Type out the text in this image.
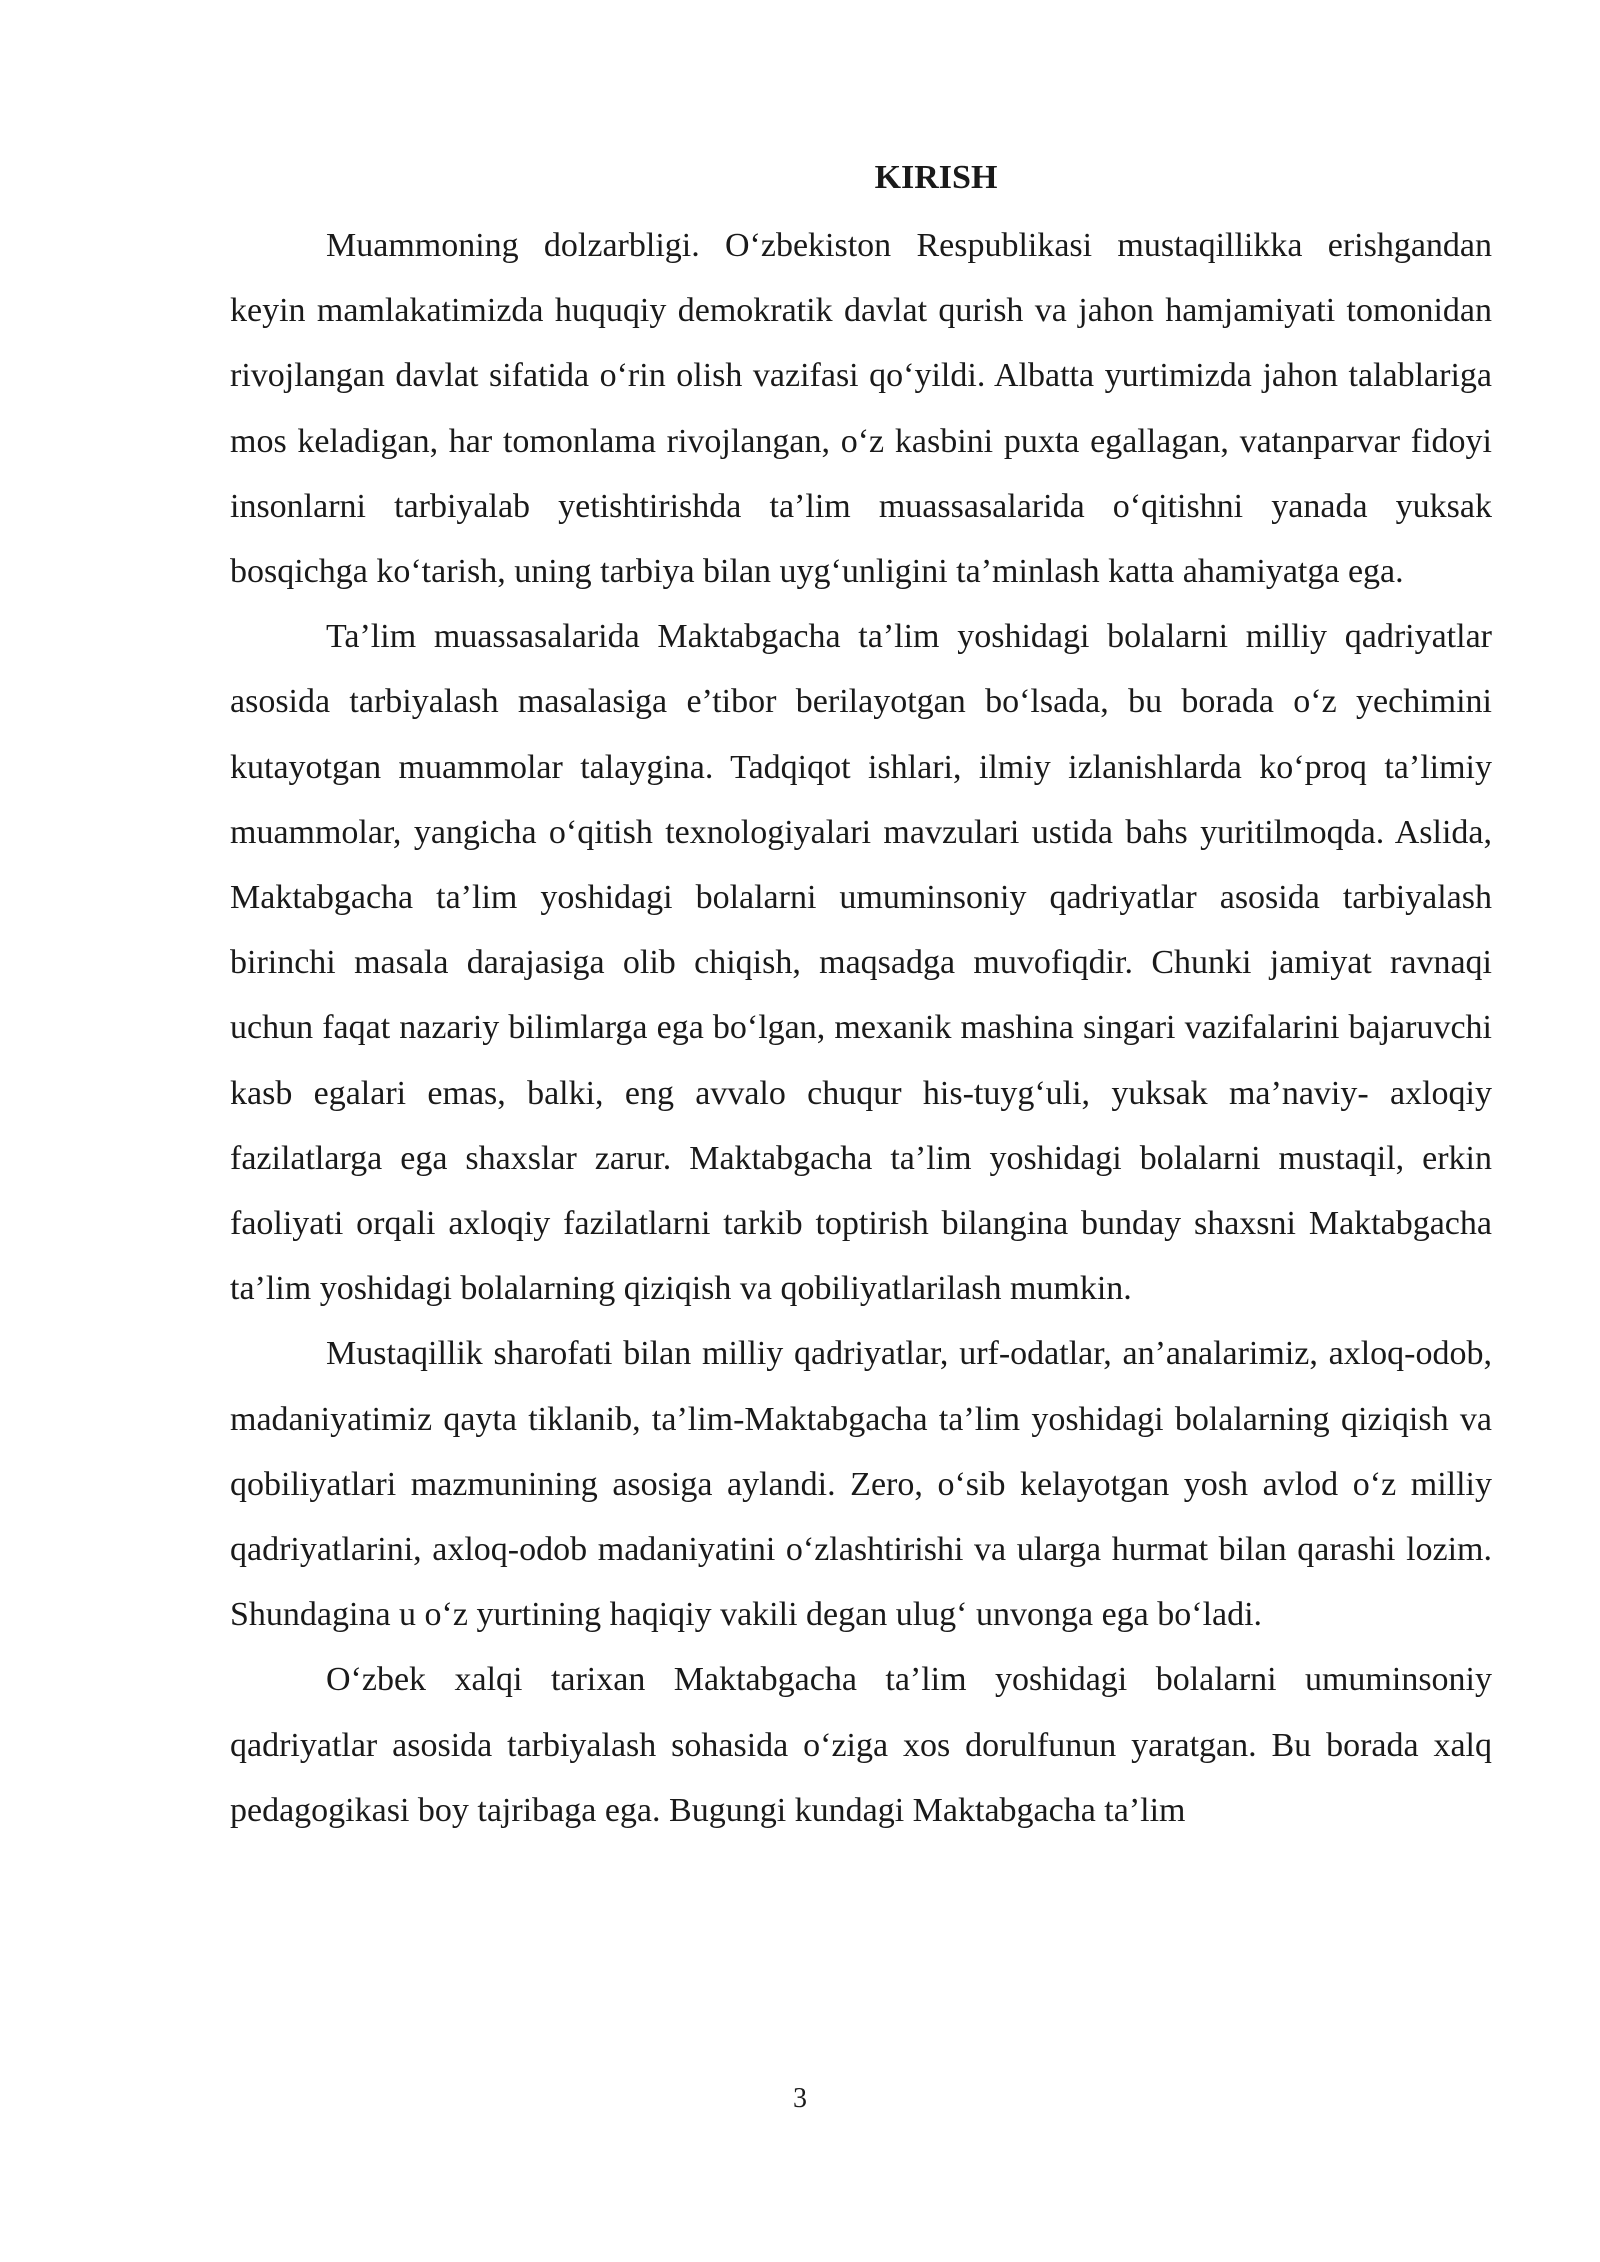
KIRISH

Muammoning dolzarbligi. O‘zbekiston Respublikasi mustaqillikka erishgandan keyin mamlakatimizda huquqiy demokratik davlat qurish va jahon hamjamiyati tomonidan rivojlangan davlat sifatida o‘rin olish vazifasi qo‘yildi. Albatta yurtimizda jahon talablariga mos keladigan, har tomonlama rivojlangan, o‘z kasbini puxta egallagan, vatanparvar fidoyi insonlarni tarbiyalab yetishtirishda ta’lim muassasalarida o‘qitishni yanada yuksak bosqichga ko‘tarish, uning tarbiya bilan uyg‘unligini ta’minlash katta ahamiyatga ega.

Ta’lim muassasalarida Maktabgacha ta’lim yoshidagi bolalarni milliy qadriyatlar asosida tarbiyalash masalasiga e’tibor berilayotgan bo‘lsada, bu borada o‘z yechimini kutayotgan muammolar talaygina. Tadqiqot ishlari, ilmiy izlanishlarda ko‘proq ta’limiy muammolar, yangicha o‘qitish texnologiyalari mavzulari ustida bahs yuritilmoqda. Aslida, Maktabgacha ta’lim yoshidagi bolalarni umuminsoniy qadriyatlar asosida tarbiyalash birinchi masala darajasiga olib chiqish, maqsadga muvofiqdir. Chunki jamiyat ravnaqi uchun faqat nazariy bilimlarga ega bo‘lgan, mexanik mashina singari vazifalarini bajaruvchi kasb egalari emas, balki, eng avvalo chuqur his-tuyg‘uli, yuksak ma’naviy- axloqiy fazilatlarga ega shaxslar zarur. Maktabgacha ta’lim yoshidagi bolalarni mustaqil, erkin faoliyati orqali axloqiy fazilatlarni tarkib toptirish bilangina bunday shaxsni Maktabgacha ta’lim yoshidagi bolalarning qiziqish va qobiliyatlarilash mumkin.

Mustaqillik sharofati bilan milliy qadriyatlar, urf-odatlar, an’analarimiz, axloq-odob, madaniyatimiz qayta tiklanib, ta’lim-Maktabgacha ta’lim yoshidagi bolalarning qiziqish va qobiliyatlari mazmunining asosiga aylandi. Zero, o‘sib kelayotgan yosh avlod o‘z milliy qadriyatlarini, axloq-odob madaniyatini o‘zlashtirishi va ularga hurmat bilan qarashi lozim. Shundagina u o‘z yurtining haqiqiy vakili degan ulug‘ unvonga ega bo‘ladi.

O‘zbek xalqi tarixan Maktabgacha ta’lim yoshidagi bolalarni umuminsoniy qadriyatlar asosida tarbiyalash sohasida o‘ziga xos dorulfunun yaratgan. Bu borada xalq pedagogikasi boy tajribaga ega. Bugungi kundagi Maktabgacha ta’lim

3
